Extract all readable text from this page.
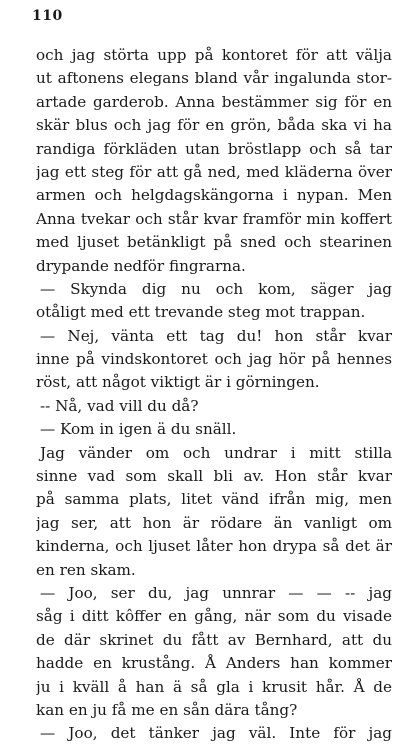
110
och jag störta upp på kontoret för att välja
ut aftonens elegans bland vår ingalunda stor-
artade garderob. Anna bestämmer sig för en
skär blus och jag för en grön, båda ska vi ha
randiga förkläden utan bröstlapp och så tar
jag ett steg för att gå ned, med kläderna över
armen och helgdagskängorna i nypan. Men
Anna tvekar och står kvar framför min koffert
med ljuset betänkligt på sned och stearinen
drypande nedför fingrarna.
— Skynda dig nu och kom, säger jag
otåligt med ett trevande steg mot trappan.
— Nej, vänta ett tag du! hon står kvar
inne på vindskontoret och jag hör på hennes
röst, att något viktigt är i görningen.
-- Nå, vad vill du då?
— Kom in igen ä du snäll.
Jag vänder om och undrar i mitt stilla
sinne vad som skall bli av. Hon står kvar
på samma plats, litet vänd ifrån mig, men
jag ser, att hon är rödare än vanligt om
kinderna, och ljuset låter hon drypa så det är
en ren skam.
— Joo, ser du, jag unnrar — — -- jag
såg i ditt kôffer en gång, när som du visade
de där skrinet du fått av Bernhard, att du
hadde en krustång. Å Anders han kommer
ju i kväll å han ä så gla i krusit hår. Å de
kan en ju få me en sån dära tång?
— Joo, det tänker jag väl. Inte för jag
